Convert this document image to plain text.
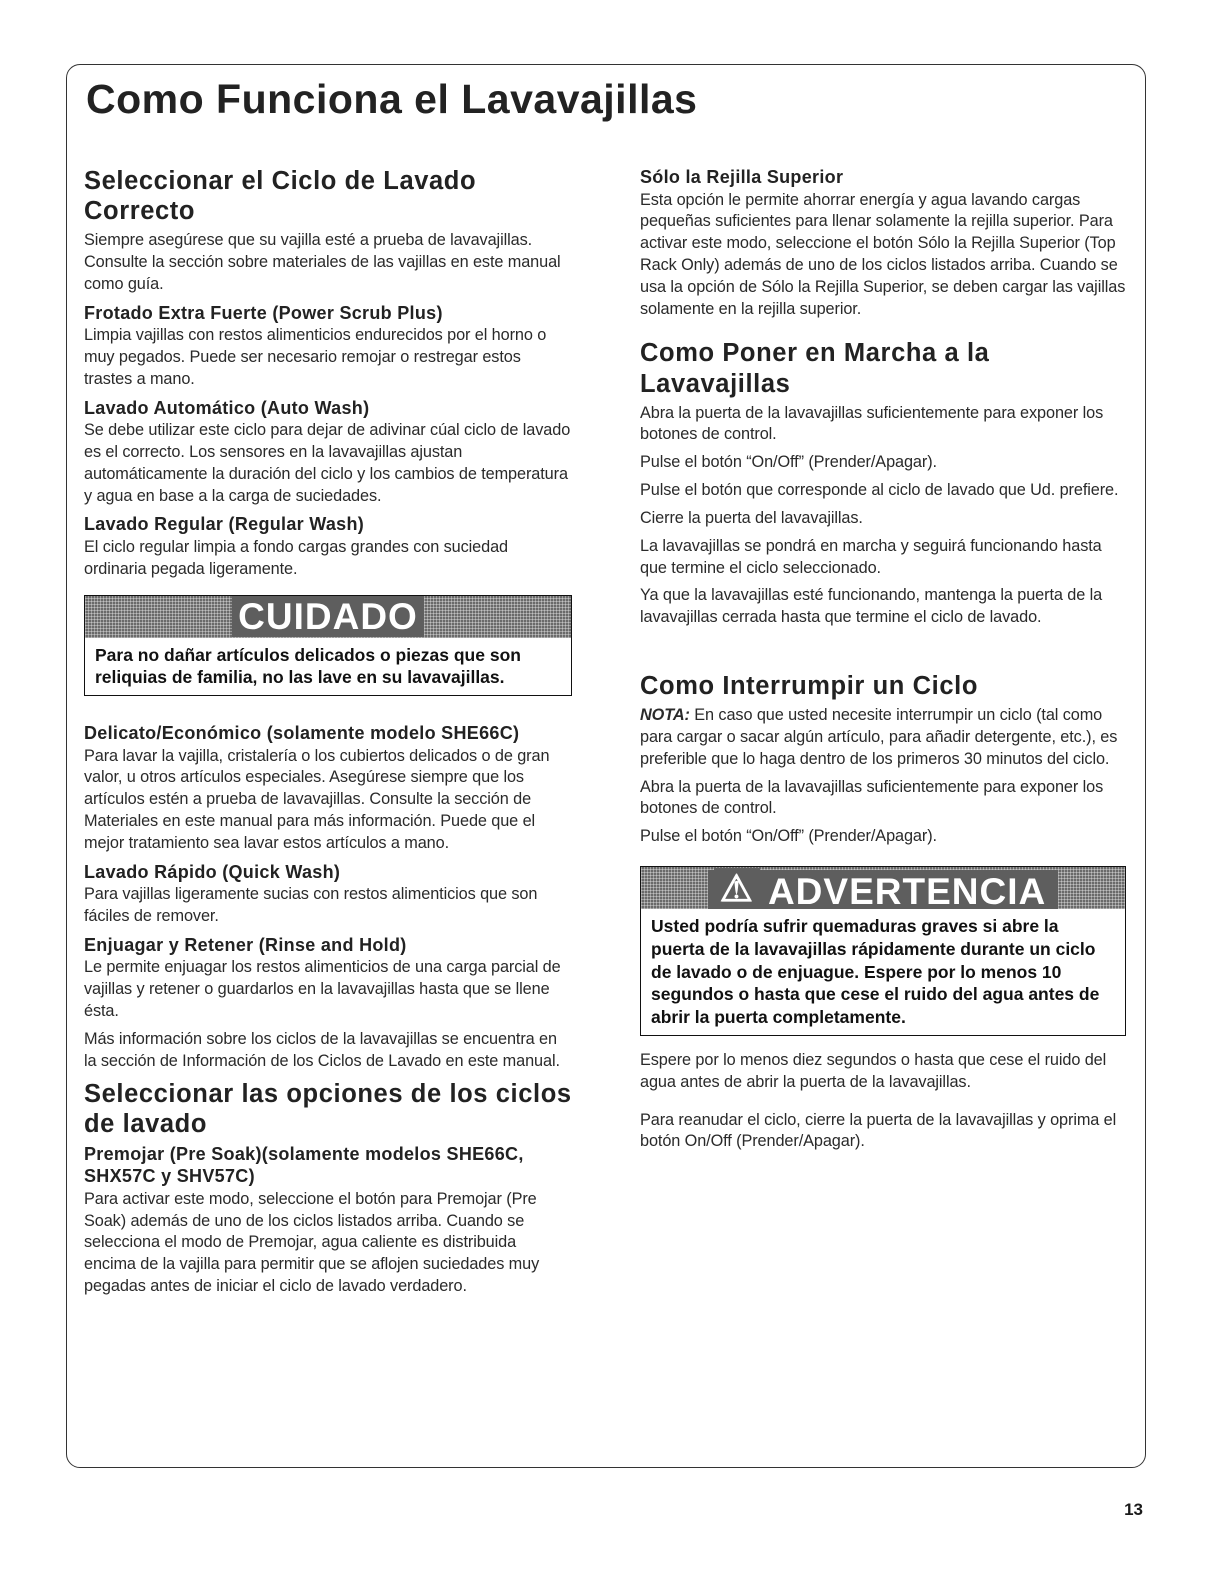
Como Funciona el Lavavajillas
Seleccionar el Ciclo de Lavado Correcto

Siempre asegúrese que su vajilla esté a prueba de lavavajillas. Consulte la sección sobre materiales de las vajillas en este manual como guía.

Frotado Extra Fuerte (Power Scrub Plus)

Limpia vajillas con restos alimenticios endurecidos por el horno o muy pegados. Puede ser necesario remojar o restregar estos trastes a mano.

Lavado Automático (Auto Wash)

Se debe utilizar este ciclo para dejar de adivinar cúal ciclo de lavado es el correcto. Los sensores en la lavavajillas ajustan automáticamente la duración del ciclo y los cambios de temperatura y agua en base a la carga de suciedades.

Lavado Regular (Regular Wash)

El ciclo regular limpia a fondo cargas grandes con suciedad ordinaria pegada ligeramente.

CUIDADO
Para no dañar artículos delicados o piezas que son reliquias de familia, no las lave en su lavavajillas.
Delicato/Económico (solamente modelo SHE66C)

Para lavar la vajilla, cristalería o los cubiertos delicados o de gran valor, u otros artículos especiales. Asegúrese siempre que los artículos estén a prueba de lavavajillas. Consulte la sección de Materiales en este manual para más información. Puede que el mejor tratamiento sea lavar estos artículos a mano.

Lavado Rápido (Quick Wash)

Para vajillas ligeramente sucias con restos alimenticios que son fáciles de remover.

Enjuagar y Retener (Rinse and Hold)

Le permite enjuagar los restos alimenticios de una carga parcial de vajillas y retener o guardarlos en la lavavajillas hasta que se llene ésta.

Más información sobre los ciclos de la lavavajillas se encuentra en la sección de Información de los Ciclos de Lavado en este manual.

Seleccionar las opciones de los ciclos de lavado
Premojar (Pre Soak)(solamente modelos SHE66C, SHX57C y SHV57C)

Para activar este modo, seleccione el botón para Premojar (Pre Soak) además de uno de los ciclos listados arriba. Cuando se selecciona el modo de Premojar, agua caliente es distribuida encima de la vajilla para permitir que se aflojen suciedades muy pegadas antes de iniciar el ciclo de lavado verdadero.

Sólo la Rejilla Superior

Esta opción le permite ahorrar energía y agua lavando cargas pequeñas suficientes para llenar solamente la rejilla superior. Para activar este modo, seleccione el botón Sólo la Rejilla Superior (Top Rack Only) además de uno de los ciclos listados arriba. Cuando se usa la opción de Sólo la Rejilla Superior, se deben cargar las vajillas solamente en la rejilla superior.

Como Poner en Marcha a la Lavavajillas

Abra la puerta de la lavavajillas suficientemente para exponer los botones de control.

Pulse el botón “On/Off” (Prender/Apagar).

Pulse el botón que corresponde al ciclo de lavado que Ud. prefiere.

Cierre la puerta del lavavajillas.

La lavavajillas se pondrá en marcha y seguirá funcionando hasta que termine el ciclo seleccionado.

Ya que la lavavajillas esté funcionando, mantenga la puerta de la lavavajillas cerrada hasta que termine el ciclo de lavado.

Como Interrumpir un Ciclo

NOTA: En caso que usted necesite interrumpir un ciclo (tal como para cargar o sacar algún artículo, para añadir detergente, etc.), es preferible que lo haga dentro de los primeros 30 minutos del ciclo.

Abra la puerta de la lavavajillas suficientemente para exponer los botones de control.

Pulse el botón “On/Off” (Prender/Apagar).

⚠ ADVERTENCIA
Usted podría sufrir quemaduras graves si abre la puerta de la lavavajillas rápidamente durante un ciclo de lavado o de enjuague. Espere por lo menos 10 segundos o hasta que cese el ruido del agua antes de abrir la puerta completamente.

Espere por lo menos diez segundos o hasta que cese el ruido del agua antes de abrir la puerta de la lavavajillas.

Para reanudar el ciclo, cierre la puerta de la lavavajillas y oprima el botón On/Off (Prender/Apagar).

13
